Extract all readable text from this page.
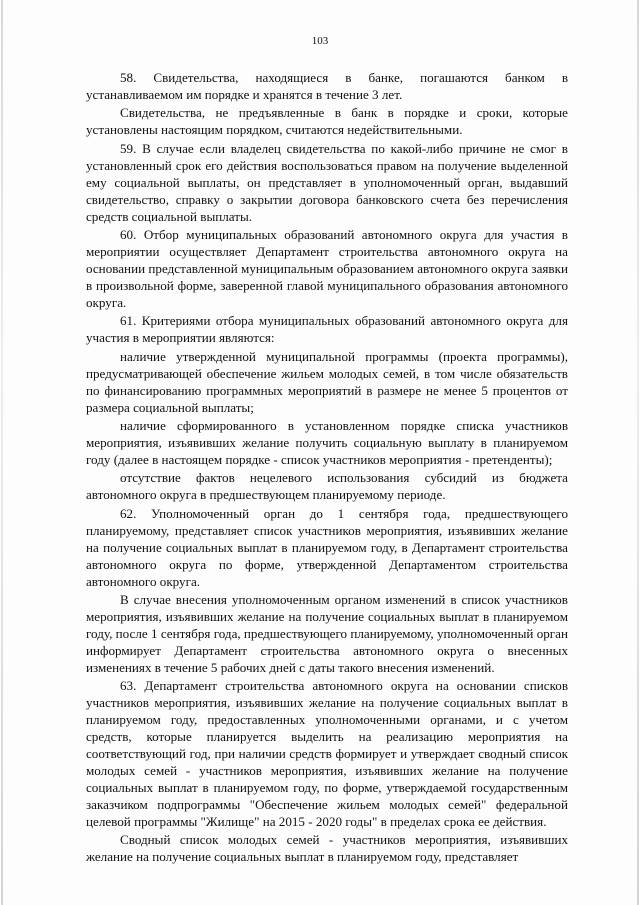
103

58. Свидетельства, находящиеся в банке, погашаются банком в устанавливаемом им порядке и хранятся в течение 3 лет.

Свидетельства, не предъявленные в банк в порядке и сроки, которые установлены настоящим порядком, считаются недействительными.

59. В случае если владелец свидетельства по какой-либо причине не смог в установленный срок его действия воспользоваться правом на получение выделенной ему социальной выплаты, он представляет в уполномоченный орган, выдавший свидетельство, справку о закрытии договора банковского счета без перечисления средств социальной выплаты.

60. Отбор муниципальных образований автономного округа для участия в мероприятии осуществляет Департамент строительства автономного округа на основании представленной муниципальным образованием автономного округа заявки в произвольной форме, заверенной главой муниципального образования автономного округа.

61. Критериями отбора муниципальных образований автономного округа для участия в мероприятии являются:

наличие утвержденной муниципальной программы (проекта программы), предусматривающей обеспечение жильем молодых семей, в том числе обязательств по финансированию программных мероприятий в размере не менее 5 процентов от размера социальной выплаты;

наличие сформированного в установленном порядке списка участников мероприятия, изъявивших желание получить социальную выплату в планируемом году (далее в настоящем порядке - список участников мероприятия - претенденты);

отсутствие фактов нецелевого использования субсидий из бюджета автономного округа в предшествующем планируемому периоде.

62. Уполномоченный орган до 1 сентября года, предшествующего планируемому, представляет список участников мероприятия, изъявивших желание на получение социальных выплат в планируемом году, в Департамент строительства автономного округа по форме, утвержденной Департаментом строительства автономного округа.

В случае внесения уполномоченным органом изменений в список участников мероприятия, изъявивших желание на получение социальных выплат в планируемом году, после 1 сентября года, предшествующего планируемому, уполномоченный орган информирует Департамент строительства автономного округа о внесенных изменениях в течение 5 рабочих дней с даты такого внесения изменений.

63. Департамент строительства автономного округа на основании списков участников мероприятия, изъявивших желание на получение социальных выплат в планируемом году, предоставленных уполномоченными органами, и с учетом средств, которые планируется выделить на реализацию мероприятия на соответствующий год, при наличии средств формирует и утверждает сводный список молодых семей - участников мероприятия, изъявивших желание на получение социальных выплат в планируемом году, по форме, утверждаемой государственным заказчиком подпрограммы "Обеспечение жильем молодых семей" федеральной целевой программы "Жилище" на 2015 - 2020 годы" в пределах срока ее действия.

Сводный список молодых семей - участников мероприятия, изъявивших желание на получение социальных выплат в планируемом году, представляет
